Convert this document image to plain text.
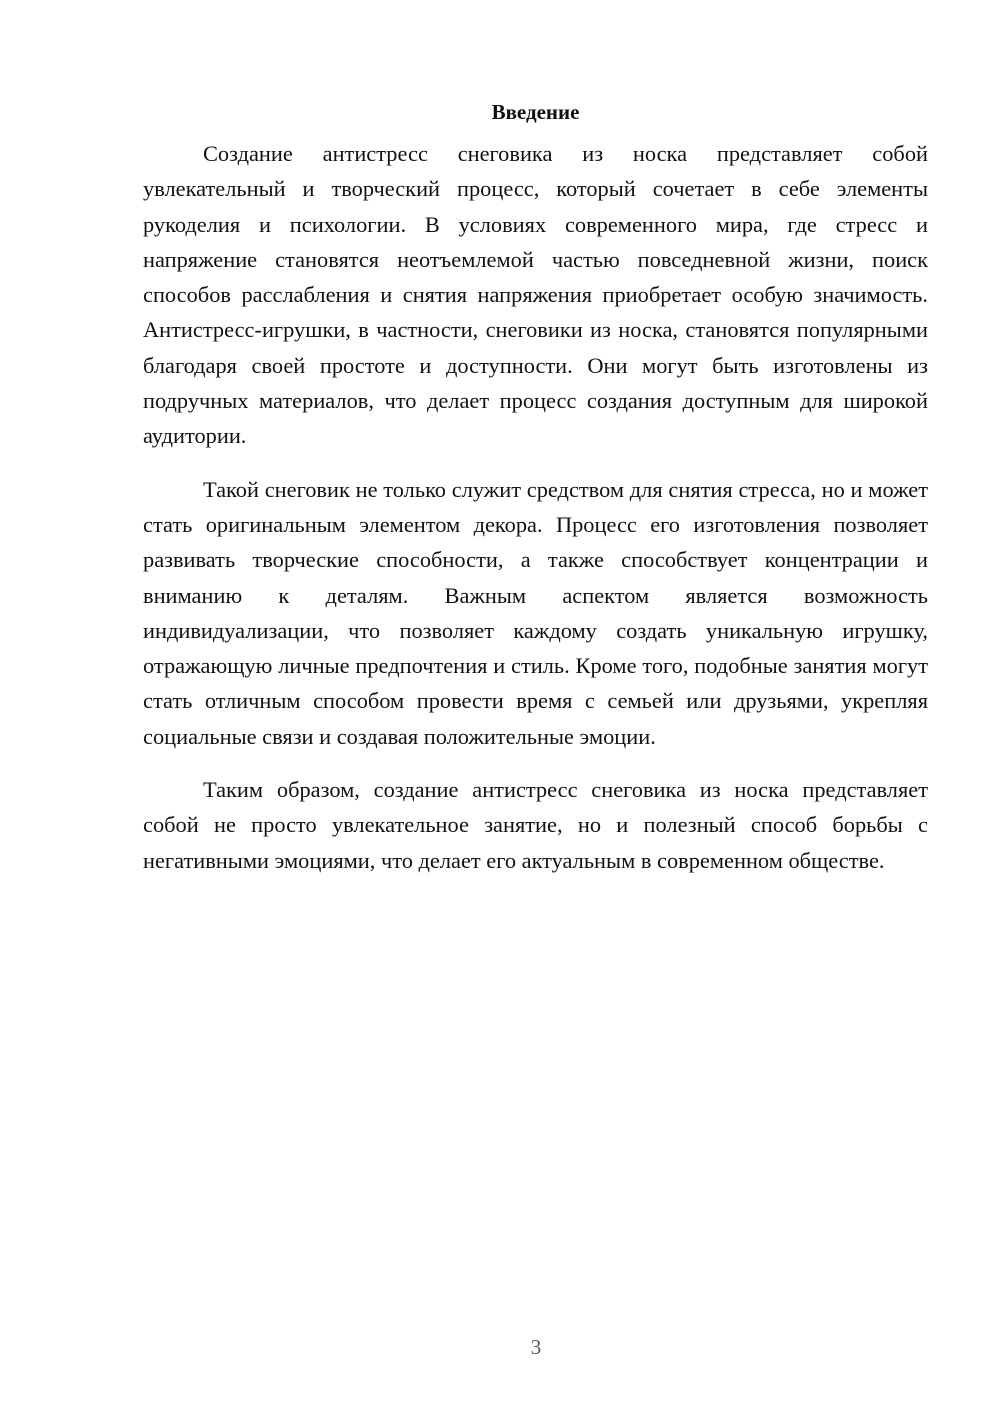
Введение

Создание антистресс снеговика из носка представляет собой увлекательный и творческий процесс, который сочетает в себе элементы рукоделия и психологии. В условиях современного мира, где стресс и напряжение становятся неотъемлемой частью повседневной жизни, поиск способов расслабления и снятия напряжения приобретает особую значимость. Антистресс-игрушки, в частности, снеговики из носка, становятся популярными благодаря своей простоте и доступности. Они могут быть изготовлены из подручных материалов, что делает процесс создания доступным для широкой аудитории.

Такой снеговик не только служит средством для снятия стресса, но и может стать оригинальным элементом декора. Процесс его изготовления позволяет развивать творческие способности, а также способствует концентрации и вниманию к деталям. Важным аспектом является возможность индивидуализации, что позволяет каждому создать уникальную игрушку, отражающую личные предпочтения и стиль. Кроме того, подобные занятия могут стать отличным способом провести время с семьей или друзьями, укрепляя социальные связи и создавая положительные эмоции.

Таким образом, создание антистресс снеговика из носка представляет собой не просто увлекательное занятие, но и полезный способ борьбы с негативными эмоциями, что делает его актуальным в современном обществе.

3
